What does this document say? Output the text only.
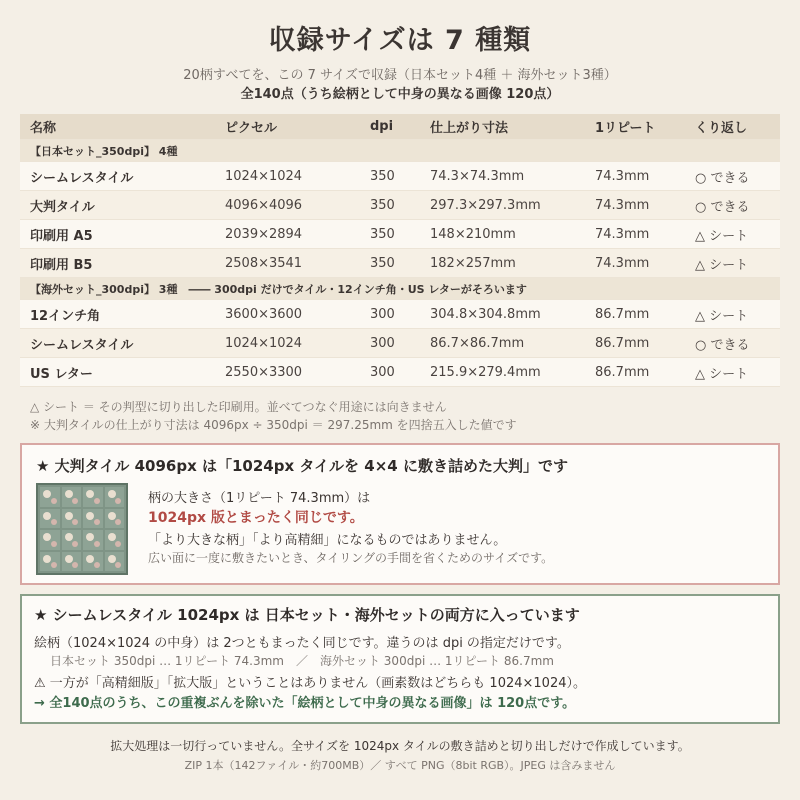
収録サイズは 7 種類
20柄すべてを、この 7 サイズで収録（日本セット4種 ＋ 海外セット3種）
全140点（うち絵柄として中身の異なる画像 120点）
名称	ピクセル	dpi	仕上がり寸法	1リピート	くり返し
【日本セット_350dpi】 4種
シームレスタイル	1024×1024	350	74.3×74.3mm	74.3mm	○ できる
大判タイル	4096×4096	350	297.3×297.3mm	74.3mm	○ できる
印刷用 A5	2039×2894	350	148×210mm	74.3mm	△ シート
印刷用 B5	2508×3541	350	182×257mm	74.3mm	△ シート
【海外セット_300dpi】 3種　―― 300dpi だけでタイル・12インチ角・US レターがそろいます
12インチ角	3600×3600	300	304.8×304.8mm	86.7mm	△ シート
シームレスタイル	1024×1024	300	86.7×86.7mm	86.7mm	○ できる
US レター	2550×3300	300	215.9×279.4mm	86.7mm	△ シート
△ シート ＝ その判型に切り出した印刷用。並べてつなぐ用途には向きません
※ 大判タイルの仕上がり寸法は 4096px ÷ 350dpi ＝ 297.25mm を四捨五入した値です
★ 大判タイル 4096px は「1024px タイルを 4×4 に敷き詰めた大判」です
柄の大きさ（1リピート 74.3mm）は
1024px 版とまったく同じです。
「より大きな柄」「より高精細」になるものではありません。
広い面に一度に敷きたいとき、タイリングの手間を省くためのサイズです。
★ シームレスタイル 1024px は 日本セット・海外セットの両方に入っています
絵柄（1024×1024 の中身）は 2つともまったく同じです。違うのは dpi の指定だけです。
日本セット 350dpi … 1リピート 74.3mm　／　海外セット 300dpi … 1リピート 86.7mm
⚠ 一方が「高精細版」「拡大版」ということはありません（画素数はどちらも 1024×1024）。
→ 全140点のうち、この重複ぶんを除いた「絵柄として中身の異なる画像」は 120点です。
拡大処理は一切行っていません。全サイズを 1024px タイルの敷き詰めと切り出しだけで作成しています。
ZIP 1本（142ファイル・約700MB）／ すべて PNG（8bit RGB）。JPEG は含みません
